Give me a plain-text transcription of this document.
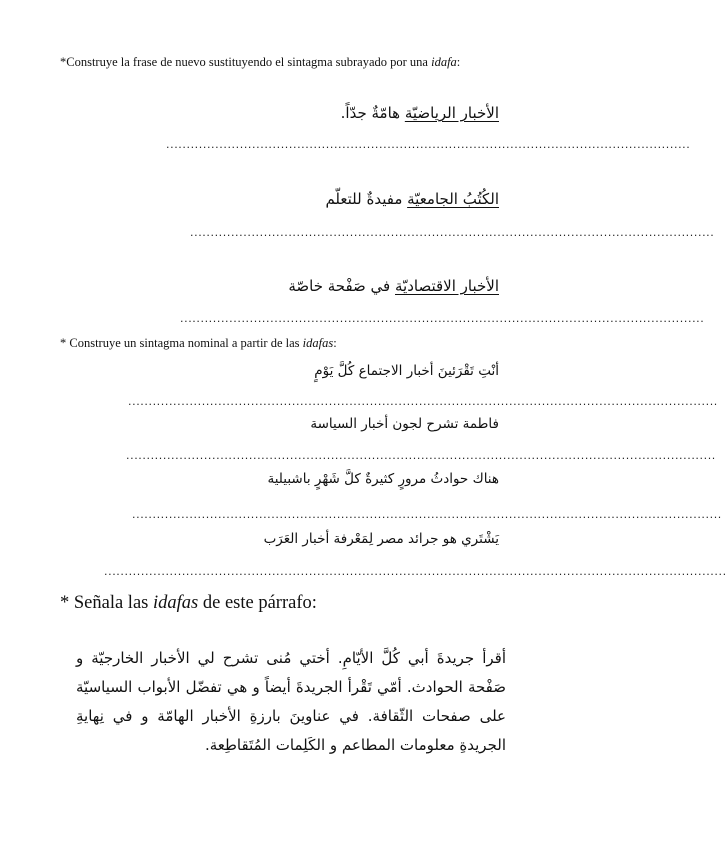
*Construye la frase de nuevo sustituyendo el sintagma subrayado por una idafa:
الأخبار الرياضيّة هامّةٌ جدّاً.
................................................................................................................................
الكُتُبُ الجامعيّة مفيدةٌ للتعلّم
................................................................................................................................
الأخبار الاقتصاديّة في صَفْحة خاصّة
................................................................................................................................
* Construye un sintagma nominal a partir de las idafas:
أنْتِ تَقْرَئينَ أخبار الاجتماع كُلَّ يَوْمٍ
................................................................................................................................................
فاطمة تشرح لجون أخبار السياسة
................................................................................................................................................
هناك حوادثُ مرورٍ كثيرةٌ كلَّ شَهْرٍ باشبيلية
................................................................................................................................................
يَشْتَري هو جرائد مصر لِمَعْرفة أخبار العَرَب
........................................................................................................................................................
* Señala las idafas de este párrafo:
أقرأ جريدةَ أبي كُلَّ الأيّامِ. أختي مُنى تشرح لي الأخبار الخارجيّة و صَفْحة الحوادث. أمّي تَقْرأ الجريدةَ أيضاً و هي تفضّل الأبواب السياسيّة على صفحات الثّقافة. في عناوينَ بارزةِ الأخبار الهامّة و في نِهايةِ الجريدةِ معلومات المطاعم و الكَلِمات المُتَقاطِعة.
